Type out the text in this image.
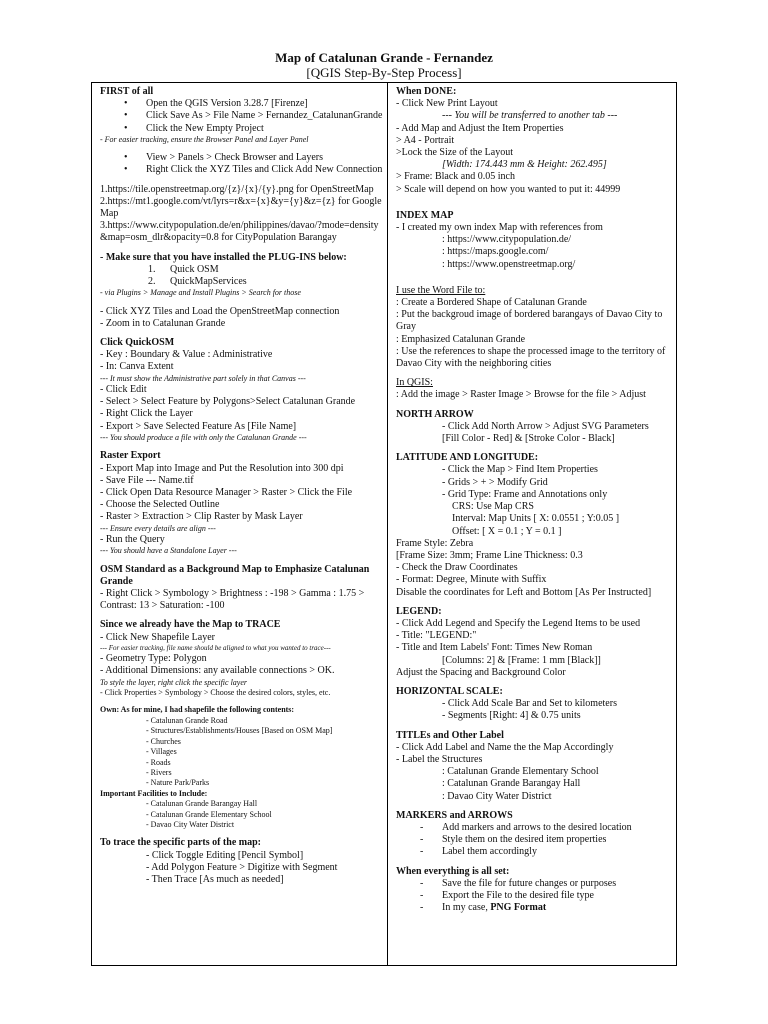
Map of Catalunan Grande - Fernandez
[QGIS Step-By-Step Process]

FIRST of all

• Open the QGIS Version 3.28.7 [Firenze]

• Click Save As > File Name > Fernandez_CatalunanGrande

• Click the New Empty Project

- For easier tracking, ensure the Browser Panel and Layer Panel

• View > Panels > Check Browser and Layers

• Right Click the XYZ Tiles and Click Add New Connection

1.https://tile.openstreetmap.org/{z}/{x}/{y}.png for OpenStreetMap

2.https://mt1.google.com/vt/lyrs=r&x={x}&y={y}&z={z} for Google Map

3.https://www.citypopulation.de/en/philippines/davao/?mode=density&map=osm_dlr&opacity=0.8 for CityPopulation Barangay

- Make sure that you have installed the PLUG-INS below:

1. Quick OSM

2. QuickMapServices

- via Plugins > Manage and Install Plugins > Search for those

- Click XYZ Tiles and Load the OpenStreetMap connection

- Zoom in to Catalunan Grande

Click QuickOSM

- Key : Boundary & Value : Administrative

- In: Canva Extent

--- It must show the Administrative part solely in that Canvas ---

- Click Edit

- Select > Select Feature by Polygons>Select Catalunan Grande

- Right Click the Layer

- Export > Save Selected Feature As [File Name]

--- You should produce a file with only the Catalunan Grande ---

Raster Export

- Export Map into Image and Put the Resolution into 300 dpi

- Save File --- Name.tif

- Click Open Data Resource Manager > Raster > Click the File

- Choose the Selected Outline

- Raster > Extraction > Clip Raster by Mask Layer

--- Ensure every details are align ---

- Run the Query

--- You should have a Standalone Layer ---

OSM Standard as a Background Map to Emphasize Catalunan Grande

- Right Click > Symbology > Brightness : -198 > Gamma : 1.75 > Contrast: 13 > Saturation: -100

Since we already have the Map to TRACE

- Click New Shapefile Layer

--- For easier tracking, file name should be aligned to what you wanted to trace---

- Geometry Type: Polygon

- Additional Dimensions: any available connections > OK.

To style the layer, right click the specific layer

- Click Properties > Symbology > Choose the desired colors, styles, etc.

Own: As for mine, I had shapefile the following contents:

- Catalunan Grande Road

- Structures/Establishments/Houses [Based on OSM Map]

- Churches

- Villages

- Roads

- Rivers

- Nature Park/Parks

Important Facilities to Include:

- Catalunan Grande Barangay Hall

- Catalunan Grande Elementary School

- Davao City Water District

To trace the specific parts of the map:

- Click Toggle Editing [Pencil Symbol]

- Add Polygon Feature > Digitize with Segment

- Then Trace [As much as needed]

When DONE:

- Click New Print Layout

--- You will be transferred to another tab ---

- Add Map and Adjust the Item Properties

> A4 - Portrait

>Lock the Size of the Layout

[Width: 174.443 mm & Height: 262.495]

> Frame: Black and 0.05 inch

> Scale will depend on how you wanted to put it: 44999

INDEX MAP

- I created my own index Map with references from

: https://www.citypopulation.de/

: https://maps.google.com/

: https://www.openstreetmap.org/

I use the Word File to:

: Create a Bordered Shape of Catalunan Grande

: Put the backgroud image of bordered barangays of Davao City to Gray

: Emphasized Catalunan Grande

: Use the references to shape the processed image to the territory of Davao City with the neighboring cities

In QGIS:

: Add the image > Raster Image > Browse for the file > Adjust

NORTH ARROW

- Click Add North Arrow > Adjust SVG Parameters

[Fill Color - Red] & [Stroke Color - Black]

LATITUDE AND LONGITUDE:

- Click the Map > Find Item Properties

- Grids > + > Modify Grid

- Grid Type: Frame and Annotations only

CRS: Use Map CRS

Interval: Map Units [ X: 0.0551 ; Y:0.05 ]

Offset: [ X = 0.1 ; Y = 0.1 ]

Frame Style: Zebra

[Frame Size: 3mm; Frame Line Thickness: 0.3

- Check the Draw Coordinates

- Format: Degree, Minute with Suffix

Disable the coordinates for Left and Bottom [As Per Instructed]

LEGEND:

- Click Add Legend and Specify the Legend Items to be used

- Title: "LEGEND:"

- Title and Item Labels' Font: Times New Roman

[Columns: 2] & [Frame: 1 mm [Black]]

Adjust the Spacing and Background Color

HORIZONTAL SCALE:

- Click Add Scale Bar and Set to kilometers

- Segments [Right: 4] & 0.75 units

TITLEs and Other Label

- Click Add Label and Name the the Map Accordingly

- Label the Structures

: Catalunan Grande Elementary School

: Catalunan Grande Barangay Hall

: Davao City Water District

MARKERS and ARROWS

- Add markers and arrows to the desired location

- Style them on the desired item properties

- Label them accordingly

When everything is all set:

- Save the file for future changes or purposes

- Export the File to the desired file type

- In my case, PNG Format
